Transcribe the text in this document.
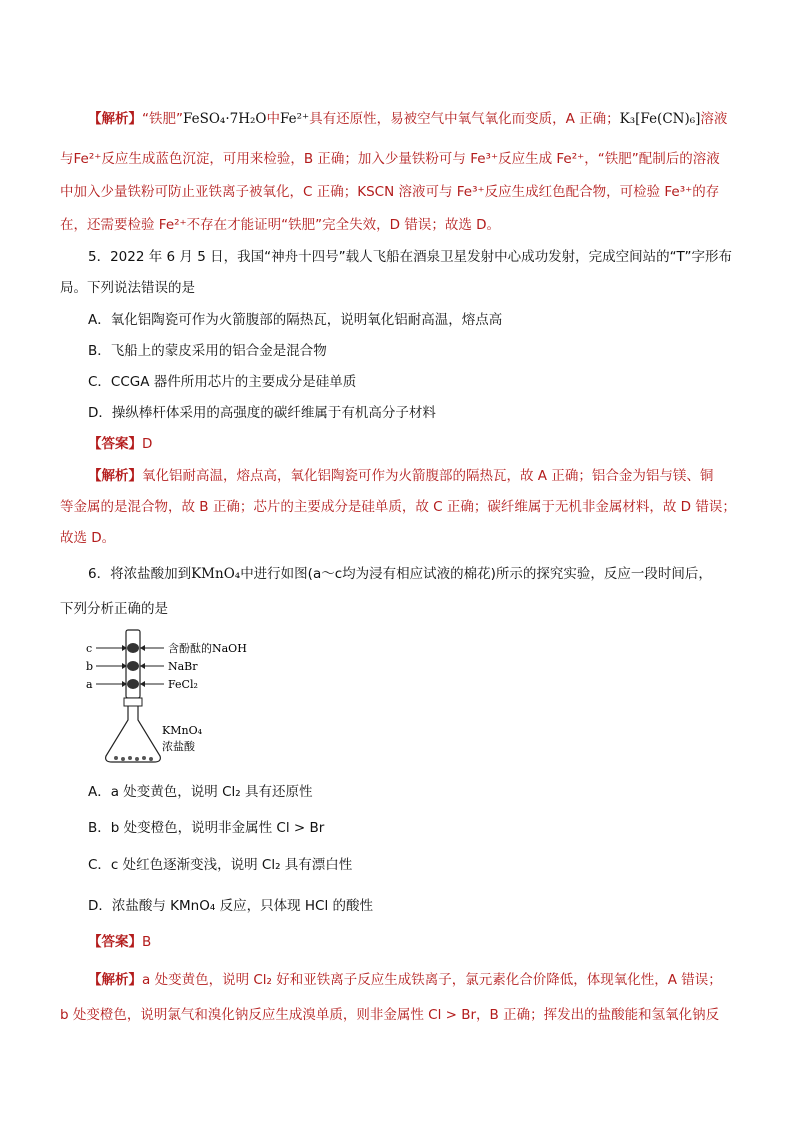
【解析】“铁肥”FeSO₄·7H₂O中Fe²⁺具有还原性，易被空气中氧气氧化而变质，A 正确；K₃[Fe(CN)₆]溶液
与Fe²⁺反应生成蓝色沉淀，可用来检验，B 正确；加入少量铁粉可与 Fe³⁺反应生成 Fe²⁺，“铁肥”配制后的溶液
中加入少量铁粉可防止亚铁离子被氧化，C 正确；KSCN 溶液可与 Fe³⁺反应生成红色配合物，可检验 Fe³⁺的存
在，还需要检验 Fe²⁺不存在才能证明“铁肥”完全失效，D 错误；故选 D。
5．2022 年 6 月 5 日，我国“神舟十四号”载人飞船在酒泉卫星发射中心成功发射，完成空间站的“T”字形布
局。下列说法错误的是
A．氧化铝陶瓷可作为火箭腹部的隔热瓦，说明氧化铝耐高温，熔点高
B．飞船上的蒙皮采用的铝合金是混合物
C．CCGA 器件所用芯片的主要成分是硅单质
D．操纵棒杆体采用的高强度的碳纤维属于有机高分子材料
【答案】D
【解析】氧化铝耐高温，熔点高，氧化铝陶瓷可作为火箭腹部的隔热瓦，故 A 正确；铝合金为铝与镁、铜
等金属的是混合物，故 B 正确；芯片的主要成分是硅单质，故 C 正确；碳纤维属于无机非金属材料，故 D 错误；
故选 D。
6．将浓盐酸加到KMnO₄中进行如图(a～c均为浸有相应试液的棉花)所示的探究实验，反应一段时间后，
下列分析正确的是
c
b
a
含酚酞的NaOH
NaBr
FeCl₂
KMnO₄
浓盐酸
A．a 处变黄色，说明 Cl₂ 具有还原性
B．b 处变橙色，说明非金属性 Cl > Br
C．c 处红色逐渐变浅，说明 Cl₂ 具有漂白性
D．浓盐酸与 KMnO₄ 反应，只体现 HCl 的酸性
【答案】B
【解析】a 处变黄色，说明 Cl₂ 好和亚铁离子反应生成铁离子，氯元素化合价降低，体现氧化性，A 错误；
b 处变橙色，说明氯气和溴化钠反应生成溴单质，则非金属性 Cl > Br，B 正确；挥发出的盐酸能和氢氧化钠反
